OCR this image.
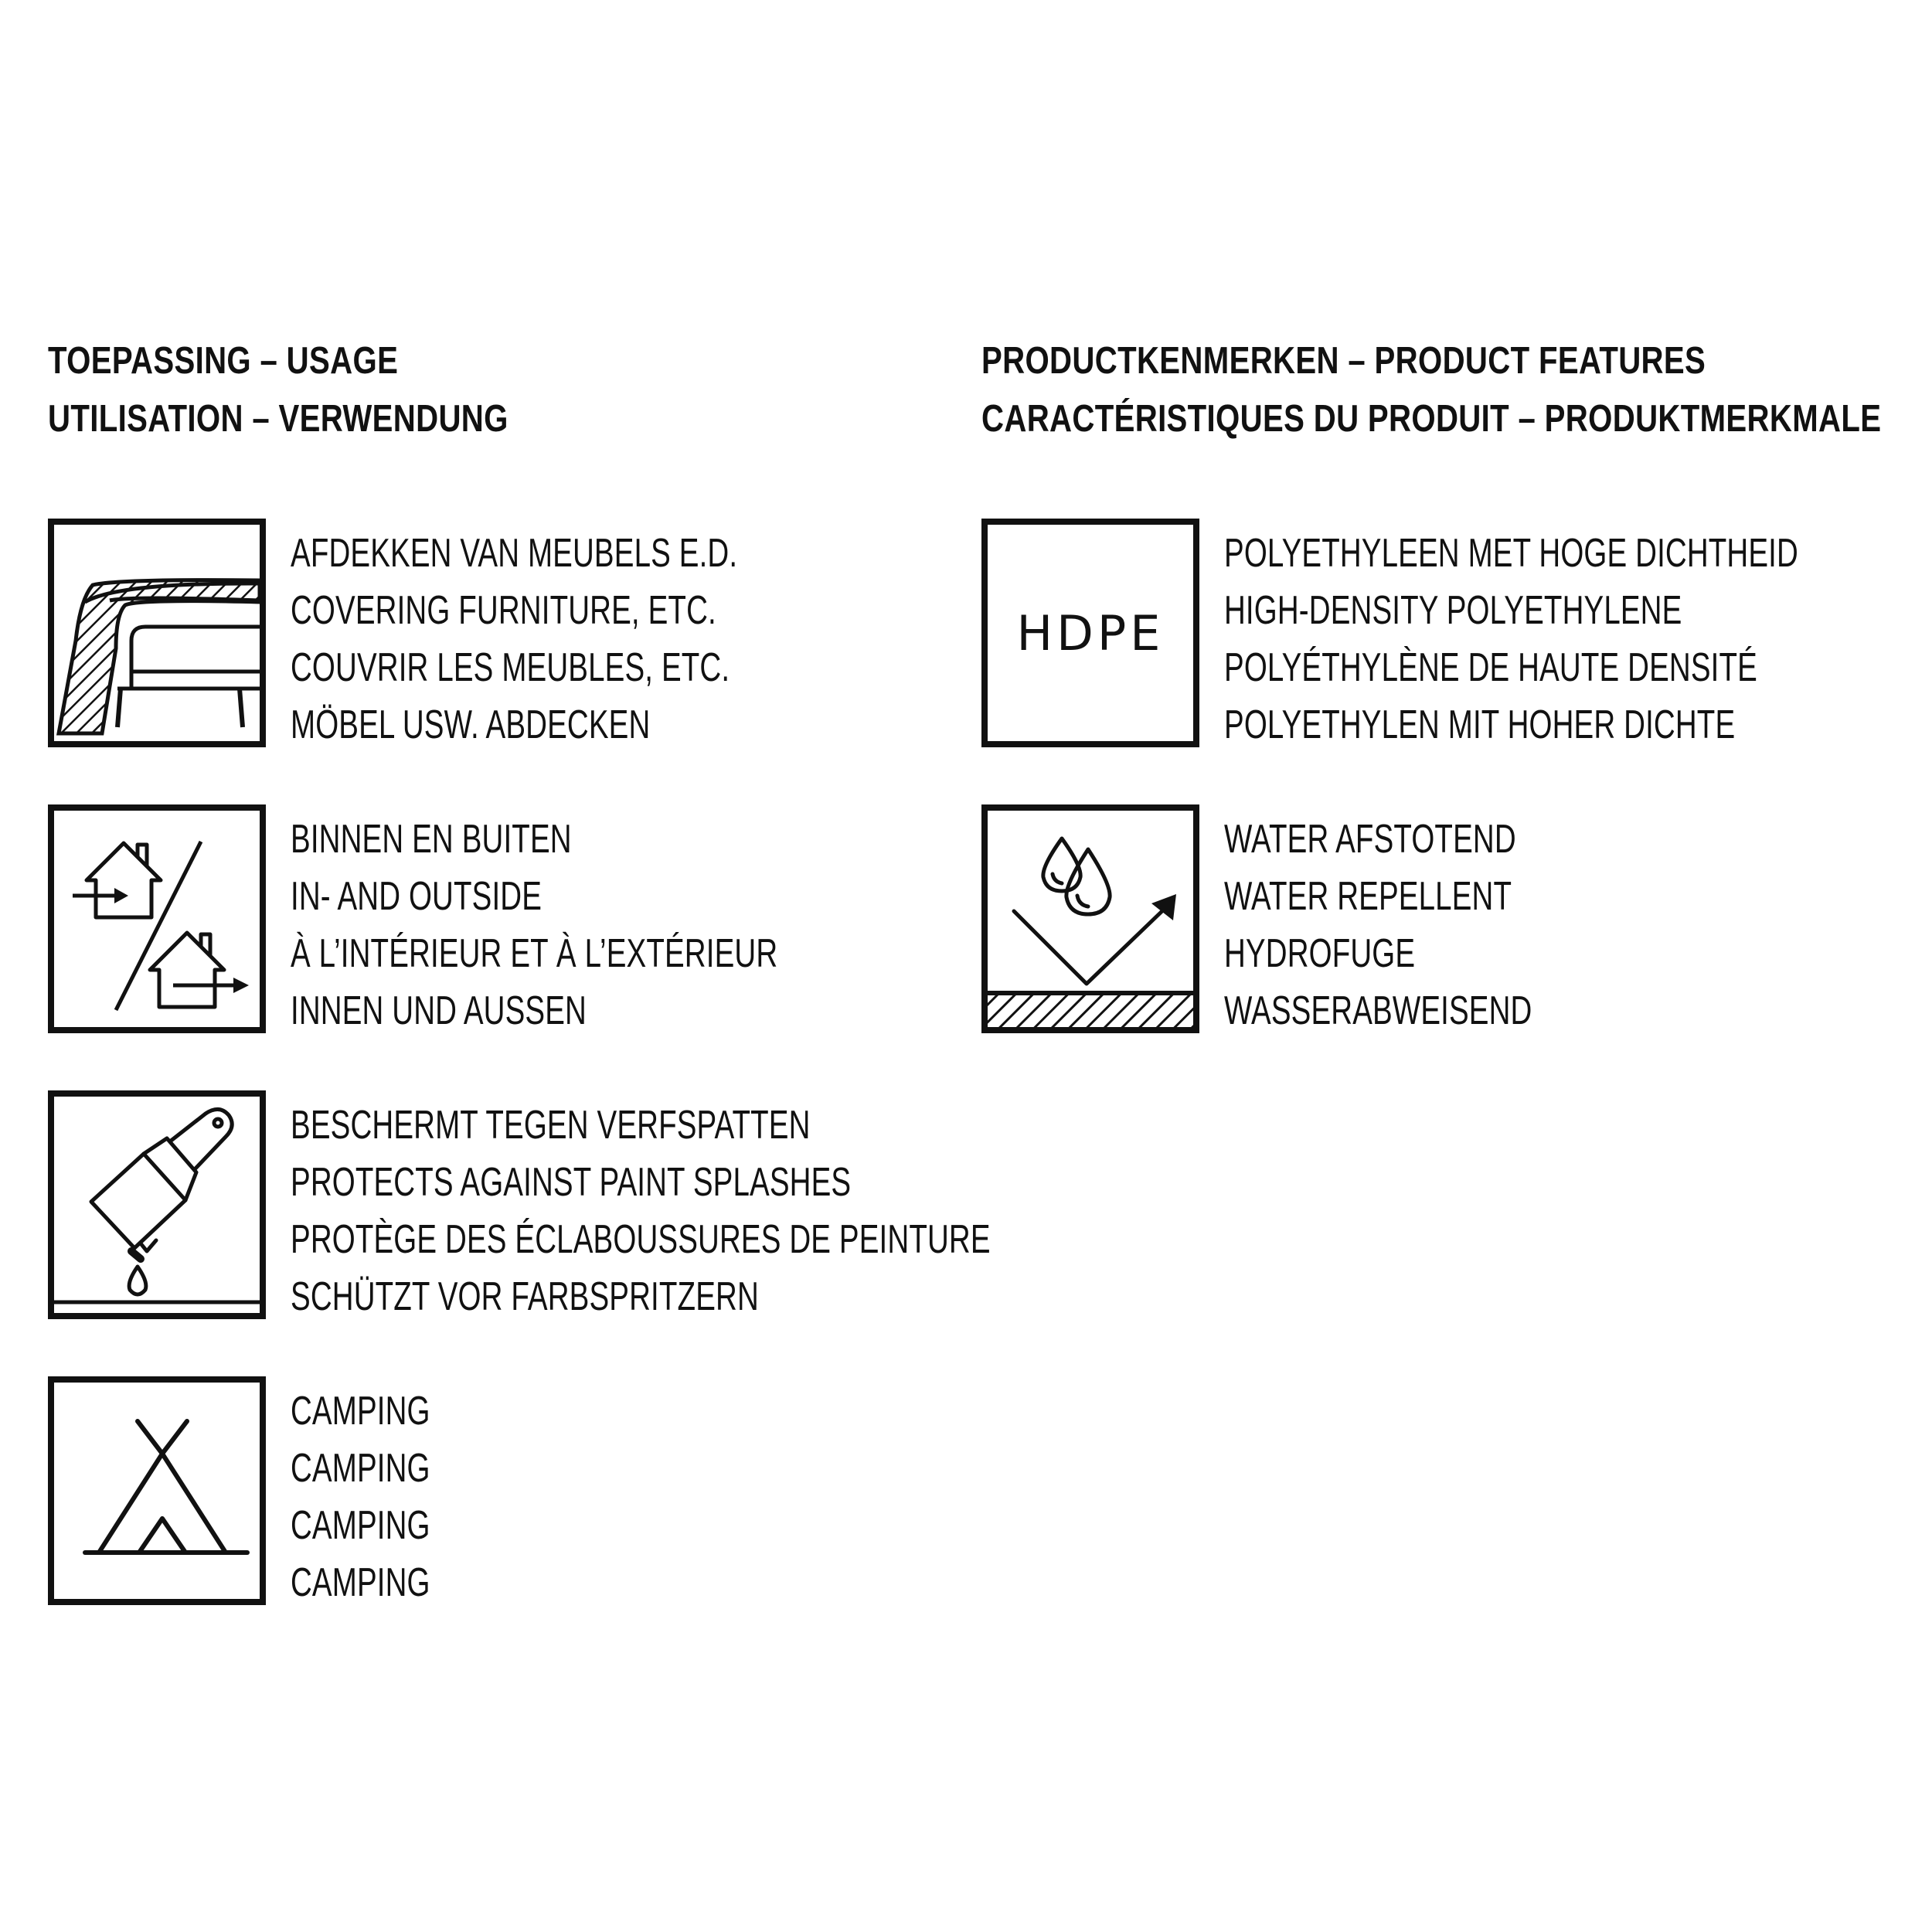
TOEPASSING – USAGE
UTILISATION – VERWENDUNG
AFDEKKEN VAN MEUBELS E.D.
COVERING FURNITURE, ETC.
COUVRIR LES MEUBLES, ETC.
MÖBEL USW. ABDECKEN
BINNEN EN BUITEN
IN- AND OUTSIDE
À L’INTÉRIEUR ET À L’EXTÉRIEUR
INNEN UND AUSSEN
BESCHERMT TEGEN VERFSPATTEN
PROTECTS AGAINST PAINT SPLASHES
PROTÈGE DES ÉCLABOUSSURES DE PEINTURE
SCHÜTZT VOR FARBSPRITZERN
CAMPING
CAMPING
CAMPING
CAMPING
PRODUCTKENMERKEN – PRODUCT FEATURES
CARACTÉRISTIQUES DU PRODUIT – PRODUKTMERKMALE
HDPE
POLYETHYLEEN MET HOGE DICHTHEID
HIGH-DENSITY POLYETHYLENE
POLYÉTHYLÈNE DE HAUTE DENSITÉ
POLYETHYLEN MIT HOHER DICHTE
WATER AFSTOTEND
WATER REPELLENT
HYDROFUGE
WASSERABWEISEND
